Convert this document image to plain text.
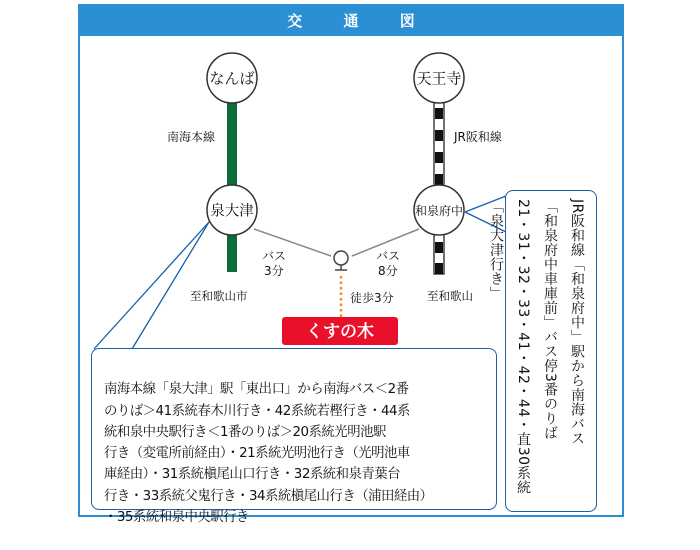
交 通 図
なんば	天王寺
泉大津	和泉府中
南海本線	JR阪和線
至和歌山市	至和歌山
バス
3分
バス
8分
徒歩3分
くすの木

南海本線「泉大津」駅「東出口」から南海バス＜2番
のりば＞41系統春木川行き・42系統若樫行き・44系
統和泉中央駅行き＜1番のりば＞20系統光明池駅
行き（変電所前経由）・21系統光明池行き（光明池車
庫経由）・31系統槇尾山口行き・32系統和泉青葉台
行き・33系統父鬼行き・34系統槇尾山行き（浦田経由）
・35系統和泉中央駅行き

JR阪和線「和泉府中」駅から南海バス
「和泉府中車庫前」バス停3番のりば
21・31・32・33・41・42・44・直30系統
「泉大津行き」
